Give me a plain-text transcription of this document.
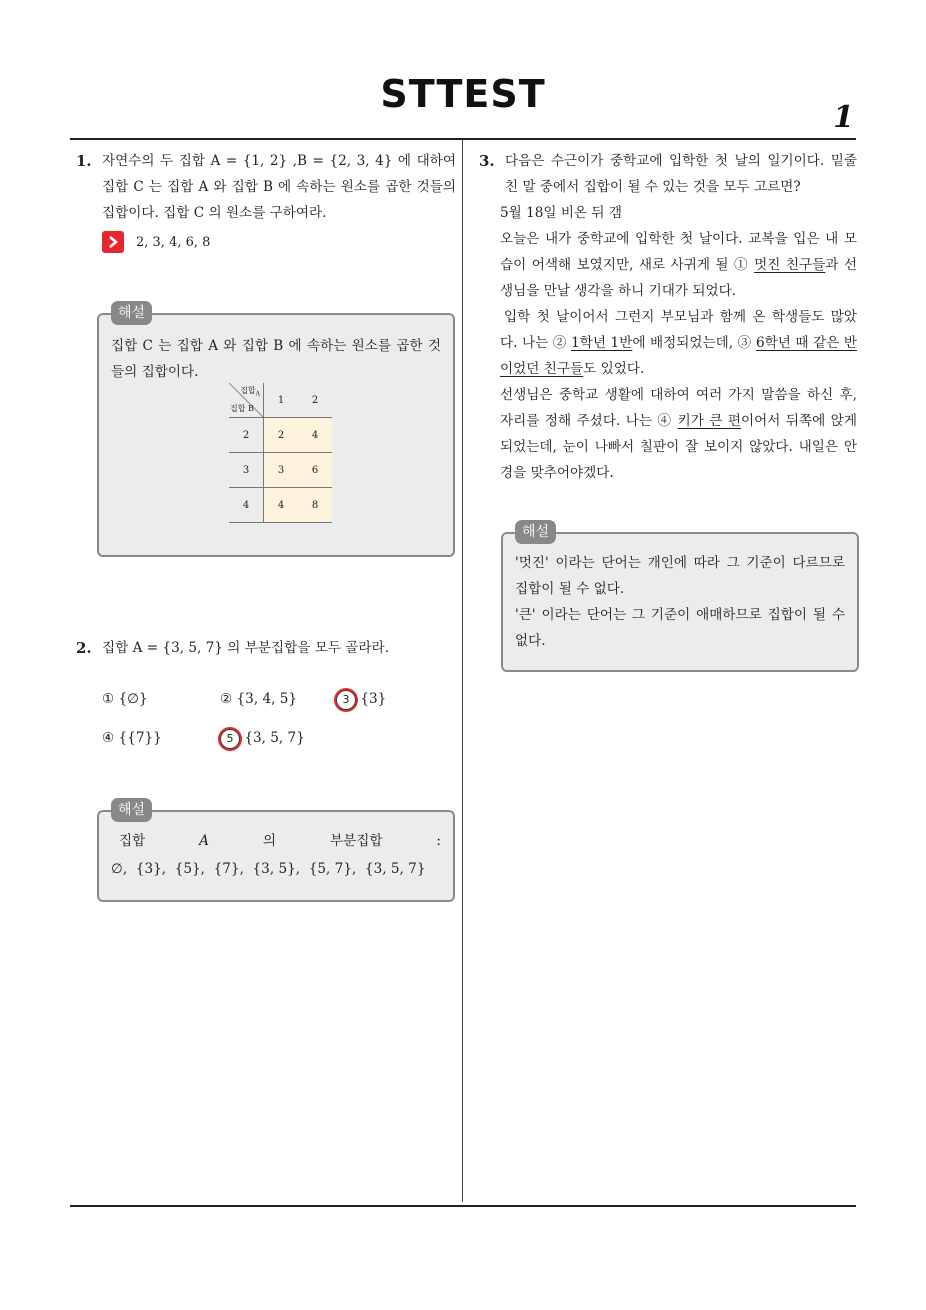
STTEST
1
1. 자연수의 두 집합 A = {1, 2} ,B = {2, 3, 4} 에 대하여 집합 C 는 집합 A 와 집합 B 에 속하는 원소를 곱한 것들의 집합이다. 집합 C 의 원소를 구하여라.
2, 3, 4, 6, 8
해설
집합 C 는 집합 A 와 집합 B 에 속하는 원소를 곱한 것들의 집합이다.
집합$_A$
집합 B	1	2
2	2	4
3	3	6
4	4	8
2. 집합 A = {3, 5, 7} 의 부분집합을 모두 골라라.
① {∅}	② {3, 4, 5}	3 {3}
④ {{7}}	5 {3, 5, 7}
해설
집합	A	의	부분집합	:
∅,  {3},  {5},  {7},  {3, 5},  {5, 7},  {3, 5, 7}
3. 다음은 수근이가 중학교에 입학한 첫 날의 일기이다. 밑줄 친 말 중에서 집합이 될 수 있는 것을 모두 고르면?
5월 18일 비온 뒤 갬
오늘은 내가 중학교에 입학한 첫 날이다. 교복을 입은 내 모습이 어색해 보였지만, 새로 사귀게 될 ① 멋진 친구들과 선생님을 만날 생각을 하니 기대가 되었다.
입학 첫 날이어서 그런지 부모님과 함께 온 학생들도 많았다. 나는 ② 1학년 1반에 배정되었는데, ③ 6학년 때 같은 반이었던 친구들도 있었다.
선생님은 중학교 생활에 대하여 여러 가지 말씀을 하신 후, 자리를 정해 주셨다. 나는 ④ 키가 큰 편이어서 뒤쪽에 앉게 되었는데, 눈이 나빠서 칠판이 잘 보이지 않았다. 내일은 안경을 맞추어야겠다.
해설
'멋진' 이라는 단어는 개인에 따라 그 기준이 다르므로 집합이 될 수 없다.
'큰' 이라는 단어는 그 기준이 애매하므로 집합이 될 수 없다.
